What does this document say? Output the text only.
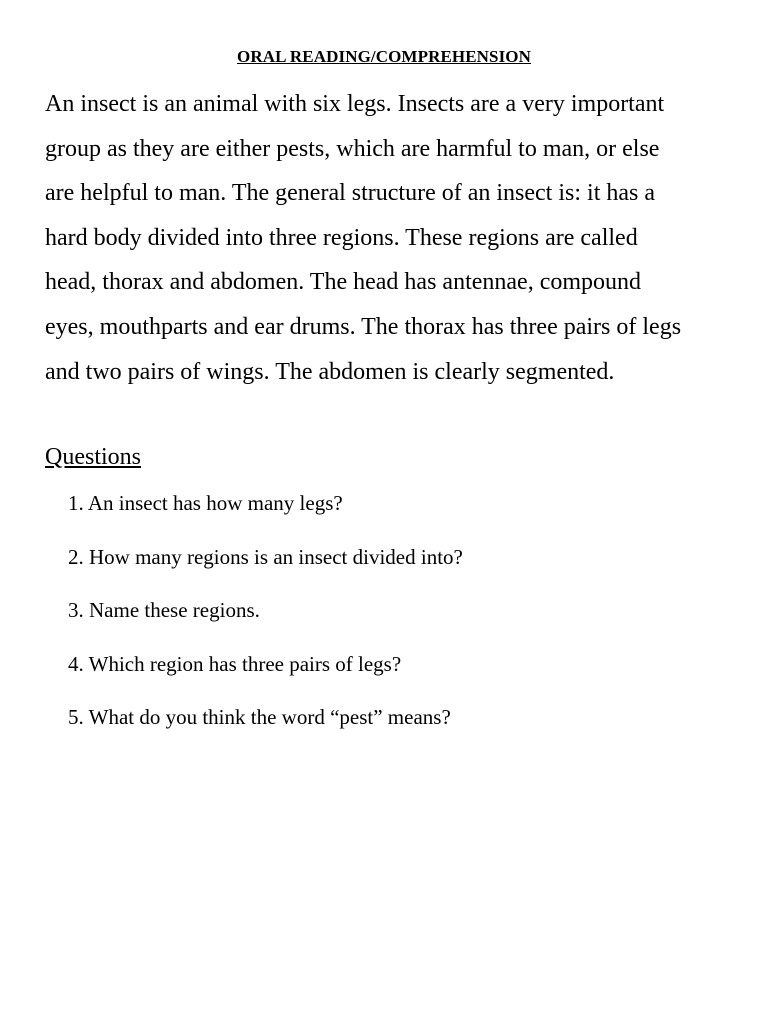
ORAL READING/COMPREHENSION

An insect is an animal with six legs. Insects are a very important
group as they are either pests, which are harmful to man, or else
are helpful to man. The general structure of an insect is: it has a
hard body divided into three regions. These regions are called
head, thorax and abdomen. The head has antennae, compound
eyes, mouthparts and ear drums. The thorax has three pairs of legs
and two pairs of wings. The abdomen is clearly segmented.

Questions
1. An insect has how many legs?
2. How many regions is an insect divided into?
3. Name these regions.
4. Which region has three pairs of legs?
5. What do you think the word “pest” means?
